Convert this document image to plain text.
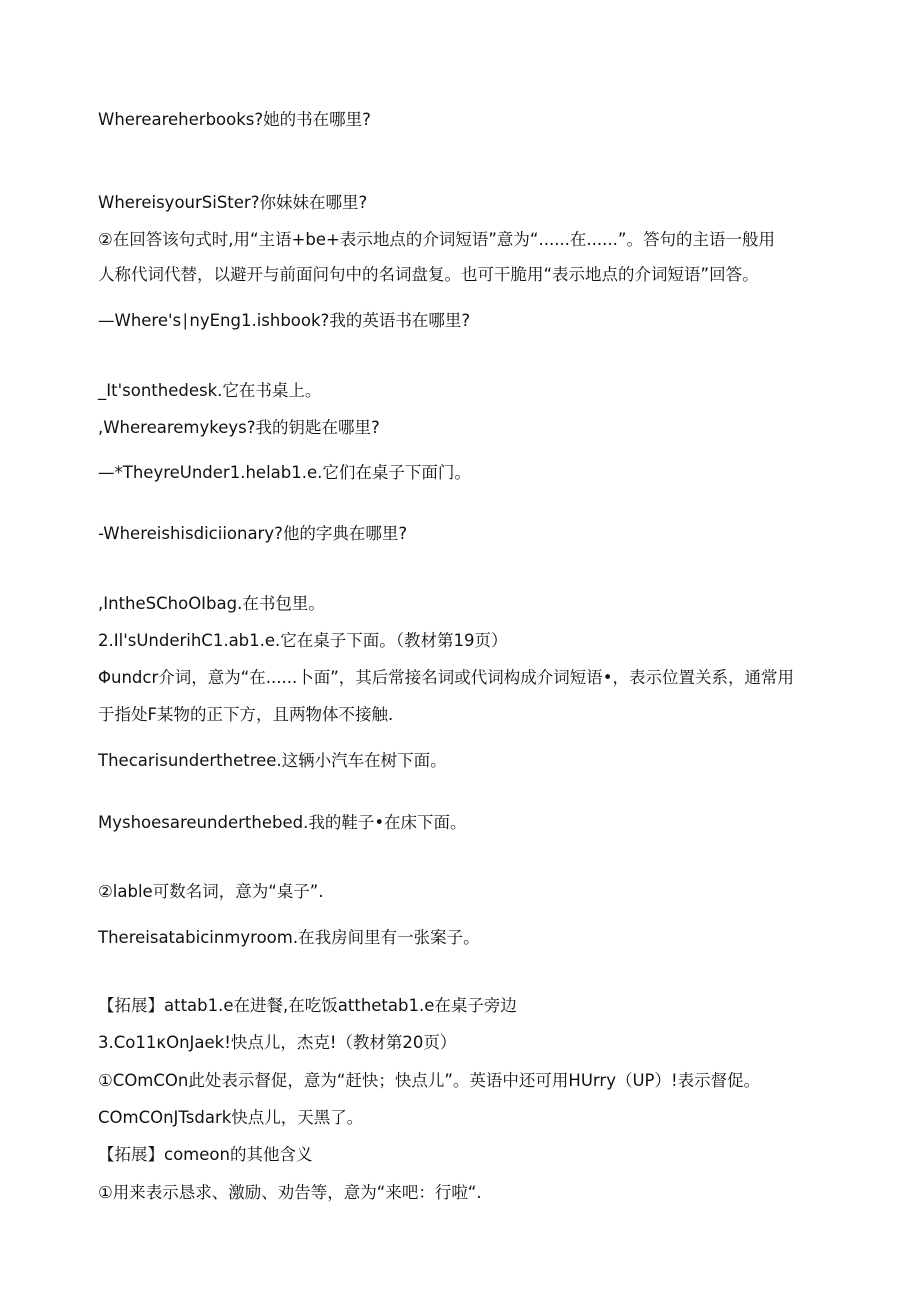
Whereareherbooks?她的书在哪里?
WhereisyourSiSter?你妹妹在哪里?
②在回答该句式时,用“主语+be+表示地点的介词短语”意为“......在......”。答句的主语一般用
人称代词代替，以避开与前面问句中的名词盘复。也可干脆用“表示地点的介词短语”回答。
—Where's∣nyEng1.ishbook?我的英语书在哪里?
_It'sonthedesk.它在书桌上。
,Wherearemykeys?我的钥匙在哪里?
—*TheyreUnder1.helab1.e.它们在桌子下面门。
-Whereishisdiciionary?他的字典在哪里?
,IntheSChoOIbag.在书包里。
2.Il'sUnderihC1.ab1.e.它在桌子下面。（教材第19页）
Φundcr介词，意为“在......卜面”，其后常接名词或代词构成介词短语•，表示位置关系，通常用
于指处F某物的正下方，且两物体不接触.
Thecarisunderthetree.这辆小汽车在树下面。
Myshoesareunderthebed.我的鞋子•在床下面。
②lable可数名词，意为“桌子”.
Thereisatabicinmyroom.在我房间里有一张案子。
【拓展】attab1.e在进餐,在吃饭atthetab1.e在桌子旁边
3.Co11κOnJaek!快点儿，杰克!（教材第20页）
①COmCOn此处表示督促，意为“赶快；快点儿”。英语中还可用HUrry（UP）!表示督促。
COmCOnJTsdark快点儿，天黑了。
【拓展】comeon的其他含义
①用来表示恳求、激励、劝告等，意为“来吧：行啦“.
